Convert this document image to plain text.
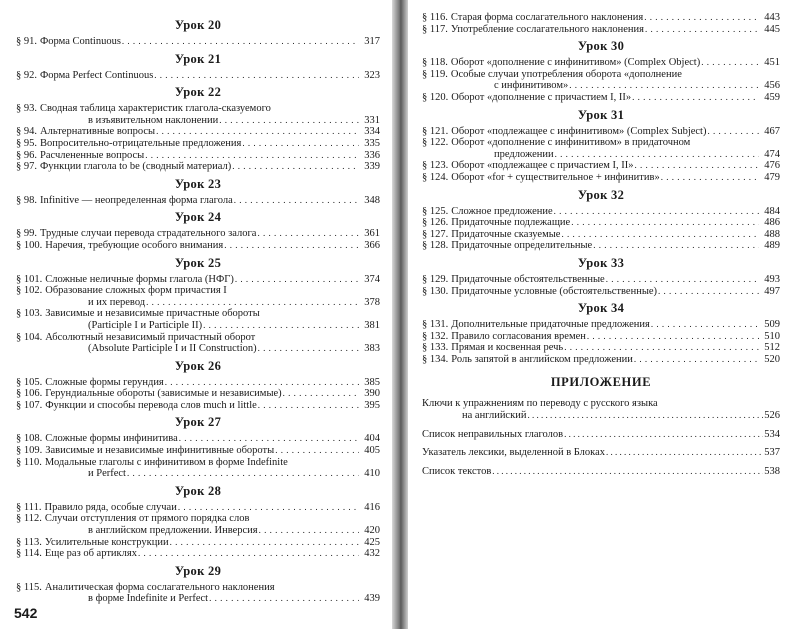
Урок 20
§ 91. Форма Continuous . . .	317
Урок 21
§ 92. Форма Perfect Continuous . . .	323
Урок 22
§ 93. Сводная таблица характеристик глагола-сказуемого
в изъявительном наклонении . . .	331
§ 94. Альтернативные вопросы . . .	334
§ 95. Вопросительно-отрицательные предложения . . .	335
§ 96. Расчлененные вопросы . . .	336
§ 97. Функции глагола to be (сводный материал) . . .	339
Урок 23
§ 98. Infinitive — неопределенная форма глагола . . .	348
Урок 24
§ 99. Трудные случаи перевода страдательного залога . . .	361
§ 100. Наречия, требующие особого внимания . . .	366
Урок 25
§ 101. Сложные неличные формы глагола (НФГ) . . .	374
§ 102. Образование сложных форм причастия I
и их перевод . . .	378
§ 103. Зависимые и независимые причастные обороты
(Participle I и Participle II) . . .	381
§ 104. Абсолютный независимый причастный оборот
(Absolute Participle I и II Construction) . . .	383
Урок 26
§ 105. Сложные формы герундия . . .	385
§ 106. Герундиальные обороты (зависимые и независимые) . . .	390
§ 107. Функции и способы перевода слов much и little . . .	395
Урок 27
§ 108. Сложные формы инфинитива . . .	404
§ 109. Зависимые и независимые инфинитивные обороты . . .	405
§ 110. Модальные глаголы с инфинитивом в форме Indefinite
и Perfect . . .	410
Урок 28
§ 111. Правило ряда, особые случаи . . .	416
§ 112. Случаи отступления от прямого порядка слов
в английском предложении. Инверсия . . .	420
§ 113. Усилительные конструкции . . .	425
§ 114. Еще раз об артиклях . . .	432
Урок 29
§ 115. Аналитическая форма сослагательного наклонения
в форме Indefinite и Perfect . . .	439
§ 116. Старая форма сослагательного наклонения . . .	443
§ 117. Употребление сослагательного наклонения . . .	445
Урок 30
§ 118. Оборот «дополнение с инфинитивом» (Complex Object) . . .	451
§ 119. Особые случаи употребления оборота «дополнение
с инфинитивом» . . .	456
§ 120. Оборот «дополнение с причастием I, II» . . .	459
Урок 31
§ 121. Оборот «подлежащее с инфинитивом» (Complex Subject) . . .	467
§ 122. Оборот «дополнение с инфинитивом» в придаточном
предложении . . .	474
§ 123. Оборот «подлежащее с причастием I, II» . . .	476
§ 124. Оборот «for + существительное + инфинитив» . . .	479
Урок 32
§ 125. Сложное предложение . . .	484
§ 126. Придаточные подлежащие . . .	486
§ 127. Придаточные сказуемые . . .	488
§ 128. Придаточные определительные . . .	489
Урок 33
§ 129. Придаточные обстоятельственные . . .	493
§ 130. Придаточные условные (обстоятельственные) . . .	497
Урок 34
§ 131. Дополнительные придаточные предложения . . .	509
§ 132. Правило согласования времен . . .	510
§ 133. Прямая и косвенная речь . . .	512
§ 134. Роль запятой в английском предложении . . .	520
ПРИЛОЖЕНИЕ
Ключи к упражнениям по переводу с русского языка
на английский . . .	526
Список неправильных глаголов . . .	534
Указатель лексики, выделенной в Блоках . . .	537
Список текстов . . .	538
542
